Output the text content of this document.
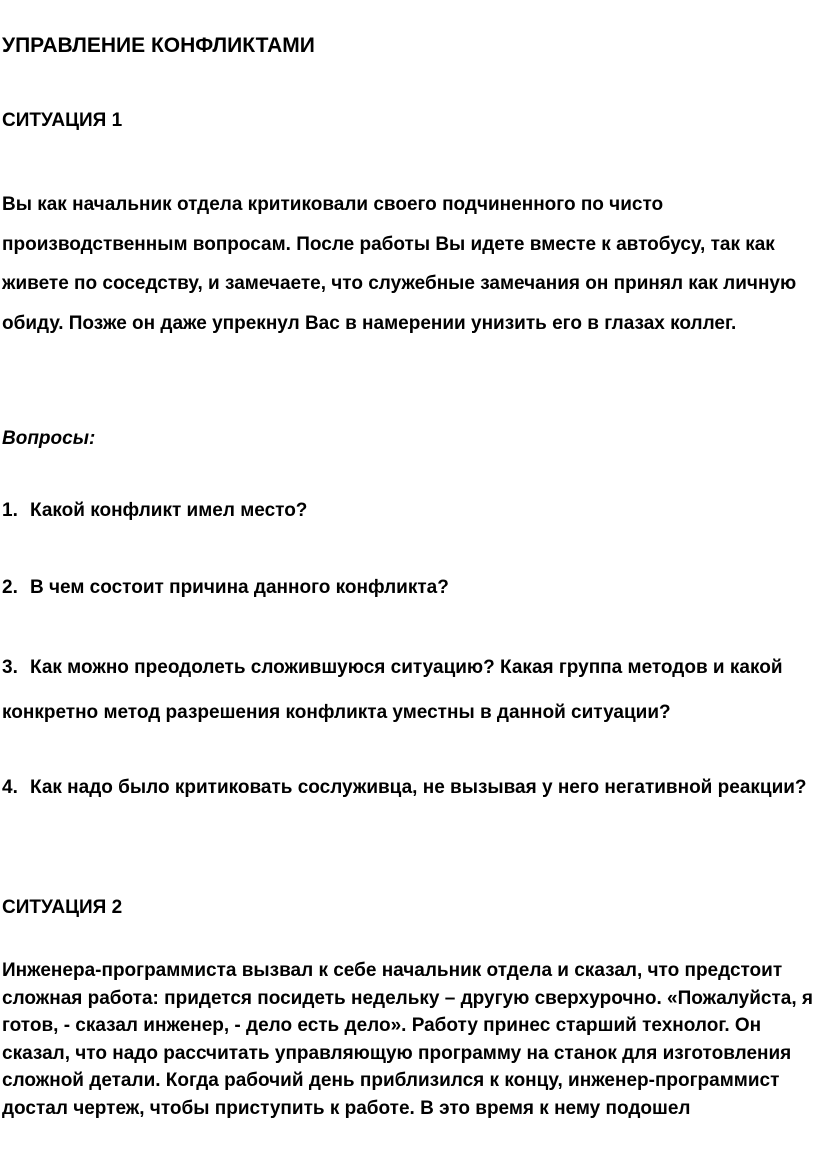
УПРАВЛЕНИЕ КОНФЛИКТАМИ
СИТУАЦИЯ 1

Вы как начальник отдела критиковали своего подчиненного по чисто производственным вопросам. После работы Вы идете вместе к автобусу, так как живете по соседству, и замечаете, что служебные замечания он принял как личную обиду. Позже он даже упрекнул Вас в намерении унизить его в глазах коллег.

Вопросы:

1. Какой конфликт имел место?
2. В чем состоит причина данного конфликта?
3. Как можно преодолеть сложившуюся ситуацию? Какая группа методов и какой конкретно метод разрешения конфликта уместны в данной ситуации?
4. Как надо было критиковать сослуживца, не вызывая у него негативной реакции?
СИТУАЦИЯ 2

Инженера-программиста вызвал к себе начальник отдела и сказал, что предстоит сложная работа: придется посидеть недельку – другую сверхурочно. «Пожалуйста, я готов, - сказал инженер, - дело есть дело». Работу принес старший технолог. Он сказал, что надо рассчитать управляющую программу на станок для изготовления сложной детали. Когда рабочий день приблизился к концу, инженер-программист достал чертеж, чтобы приступить к работе. В это время к нему подошел
